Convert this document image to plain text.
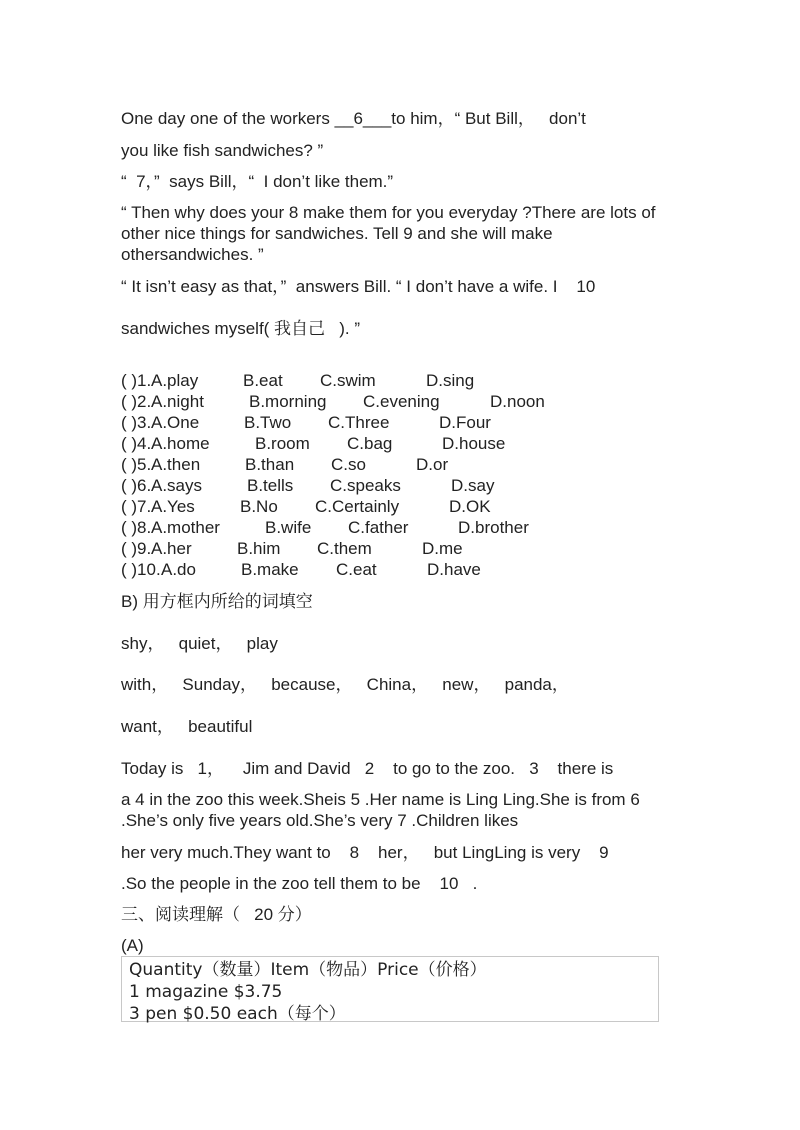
One day one of the workers __6___to him，“ But Bill，   don’t
you like fish sandwiches? ”
“  7，”  says Bill，“  I don’t like them.”
“ Then why does your 8 make them for you everyday ?There are lots of other nice things for sandwiches. Tell 9 and she will make othersandwiches. ”
“ It isn’t easy as that，”  answers Bill. “ I don’t have a wife. I    10
sandwiches myself( 我自己   ). ”
( )1. A.play	B.eat C.swim	D.sing
( )2. A.night	B.morning C.evening	D.noon
( )3. A.One	B.Two C.Three	D.Four
( )4. A.home	B.room C.bag	D.house
( )5. A.then	B.than C.so	D.or
( )6. A.says	B.tells C.speaks	D.say
( )7. A.Yes	B.No C.Certainly	D.OK
( )8. A.mother	B.wife C.father	D.brother
( )9. A.her	B.him C.them	D.me
( )10. A.do	B.make C.eat	D.have
B) 用方框内所给的词填空
shy，   quiet，   play
with，   Sunday，   because，   China，   new，   panda，
want，   beautiful
Today is   1，    Jim and David   2    to go to the zoo.   3    there is
a 4 in the zoo this week.Sheis 5 .Her name is Ling Ling.She is from 6 .She’s only five years old.She’s very 7 .Children likes
her very much.They want to    8    her，   but LingLing is very    9
.So the people in the zoo tell them to be    10   .
三、阅读理解（   20 分）
(A)
Quantity（数量）Item（物品）Price（价格）
1 magazine $3.75
3 pen $0.50 each（每个）
